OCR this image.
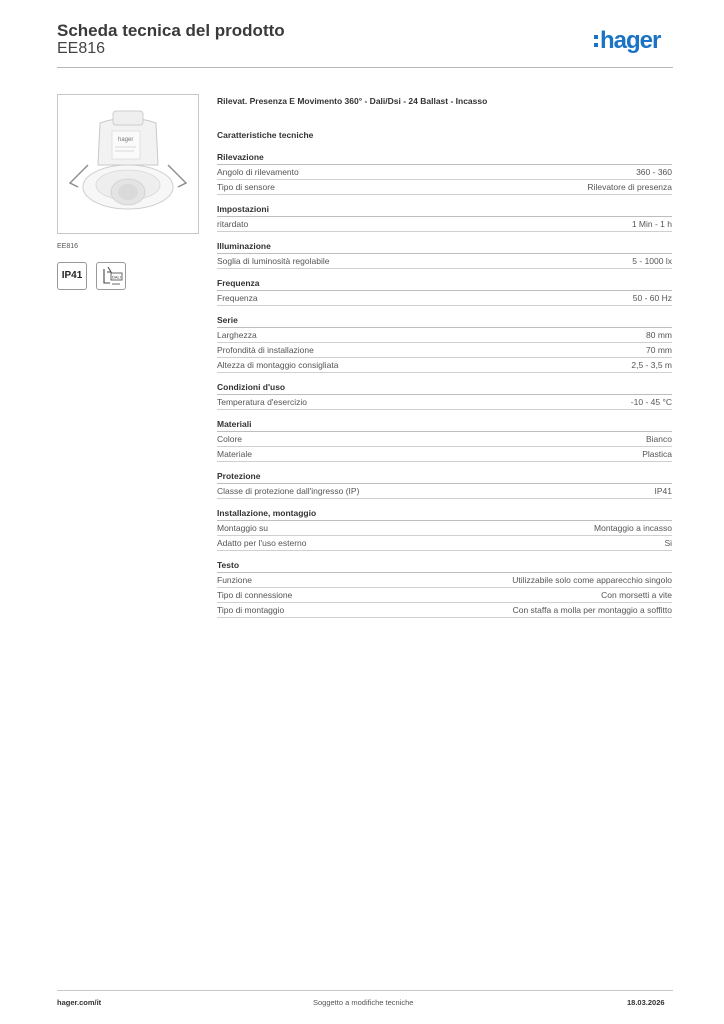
Scheda tecnica del prodotto
EE816	hager
hager
EE816
IP41	DALI
Rilevat. Presenza E Movimento 360° - Dali/Dsi - 24 Ballast - Incasso
Caratteristiche tecniche
Rilevazione
Angolo di rilevamento	360 - 360
Tipo di sensore	Rilevatore di presenza
Impostazioni
ritardato	1 Min - 1 h
Illuminazione
Soglia di luminosità regolabile	5 - 1000 lx
Frequenza
Frequenza	50 - 60 Hz
Serie
Larghezza	80 mm
Profondità di installazione	70 mm
Altezza di montaggio consigliata	2,5 - 3,5 m
Condizioni d'uso
Temperatura d'esercizio	-10 - 45 °C
Materiali
Colore	Bianco
Materiale	Plastica
Protezione
Classe di protezione dall'ingresso (IP)	IP41
Installazione, montaggio
Montaggio su	Montaggio a incasso
Adatto per l'uso esterno	Si
Testo
Funzione	Utilizzabile solo come apparecchio singolo
Tipo di connessione	Con morsetti a vite
Tipo di montaggio	Con staffa a molla per montaggio a soffitto
hager.com/it	Soggetto a modifiche tecniche	18.03.2026
